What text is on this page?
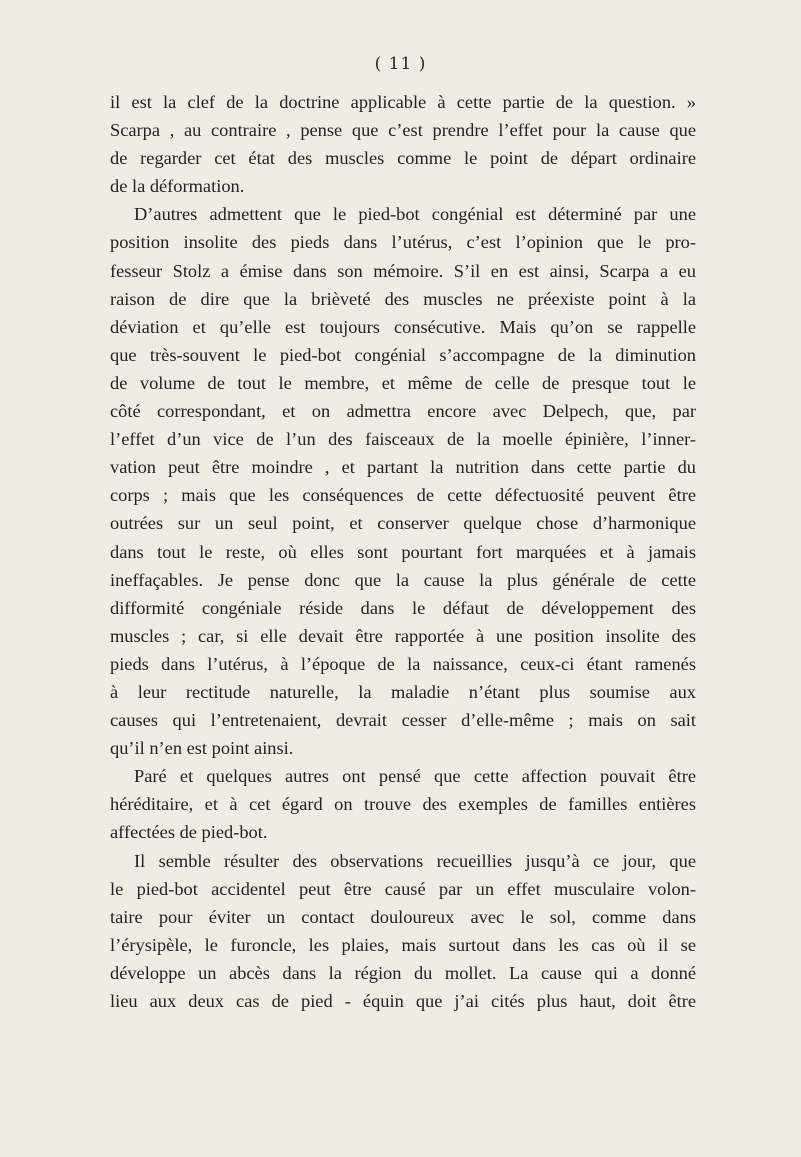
( 11 )
il est la clef de la doctrine applicable à cette partie de la question. »
Scarpa , au contraire , pense que c’est prendre l’effet pour la cause que
de regarder cet état des muscles comme le point de départ ordinaire
de la déformation.
D’autres admettent que le pied-bot congénial est déterminé par une
position insolite des pieds dans l’utérus, c’est l’opinion que le pro-
fesseur Stolz a émise dans son mémoire. S’il en est ainsi, Scarpa a eu
raison de dire que la brièveté des muscles ne préexiste point à la
déviation et qu’elle est toujours consécutive. Mais qu’on se rappelle
que très-souvent le pied-bot congénial s’accompagne de la diminution
de volume de tout le membre, et même de celle de presque tout le
côté correspondant, et on admettra encore avec Delpech, que, par
l’effet d’un vice de l’un des faisceaux de la moelle épinière, l’inner-
vation peut être moindre , et partant la nutrition dans cette partie du
corps ; mais que les conséquences de cette défectuosité peuvent être
outrées sur un seul point, et conserver quelque chose d’harmonique
dans tout le reste, où elles sont pourtant fort marquées et à jamais
ineffaçables. Je pense donc que la cause la plus générale de cette
difformité congéniale réside dans le défaut de développement des
muscles ; car, si elle devait être rapportée à une position insolite des
pieds dans l’utérus, à l’époque de la naissance, ceux-ci étant ramenés
à leur rectitude naturelle, la maladie n’étant plus soumise aux
causes qui l’entretenaient, devrait cesser d’elle-même ; mais on sait
qu’il n’en est point ainsi.
Paré et quelques autres ont pensé que cette affection pouvait être
héréditaire, et à cet égard on trouve des exemples de familles entières
affectées de pied-bot.
Il semble résulter des observations recueillies jusqu’à ce jour, que
le pied-bot accidentel peut être causé par un effet musculaire volon-
taire pour éviter un contact douloureux avec le sol, comme dans
l’érysipèle, le furoncle, les plaies, mais surtout dans les cas où il se
développe un abcès dans la région du mollet. La cause qui a donné
lieu aux deux cas de pied - équin que j’ai cités plus haut, doit être
